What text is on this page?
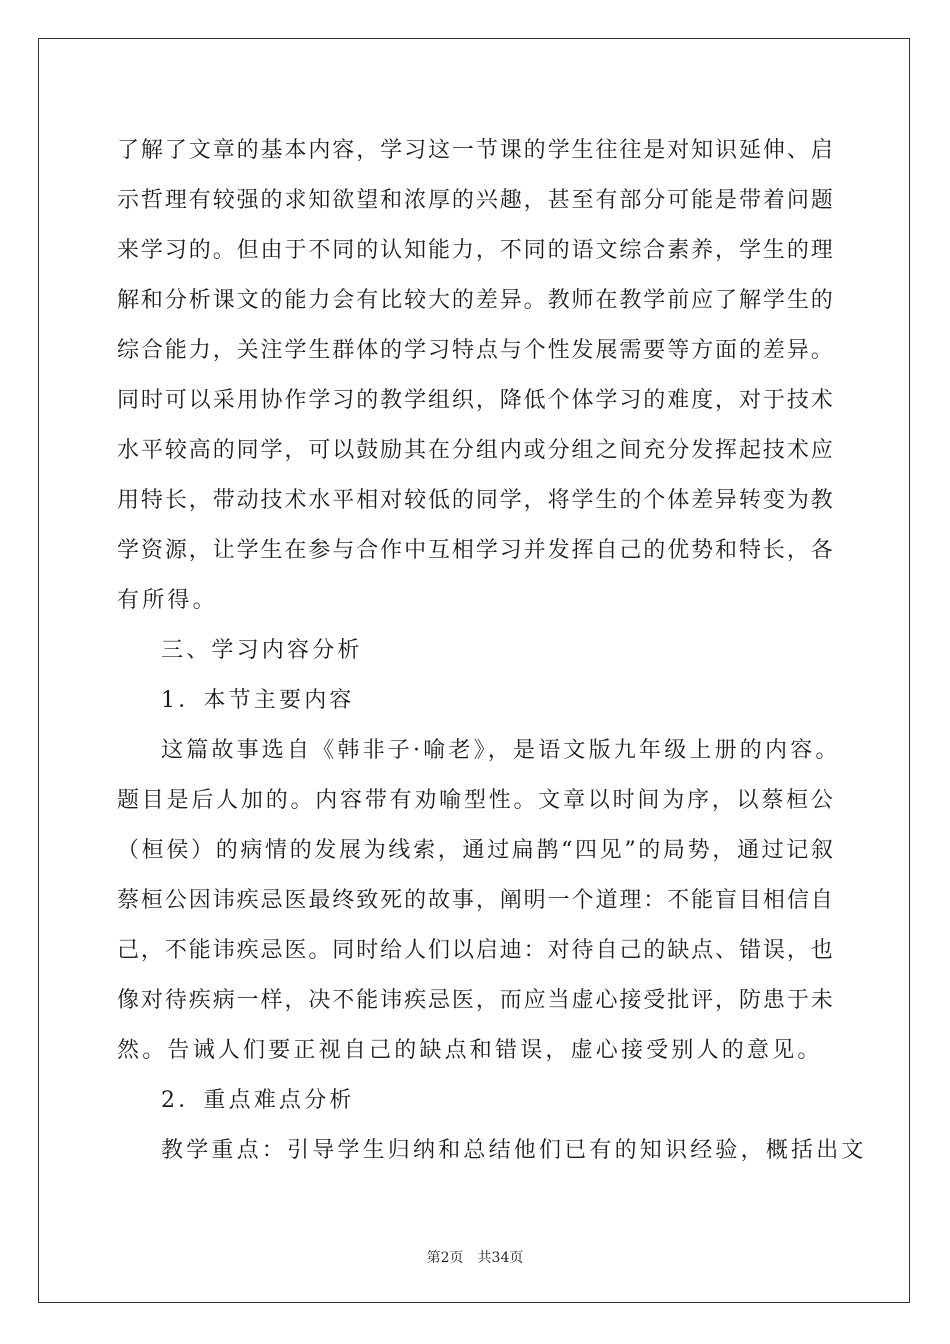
了 解 了 文 章 的 基 本 内 容 ， 学 习 这 一 节 课 的 学 生 往 往 是 对 知 识 延 伸 、 启
示 哲 理 有 较 强 的 求 知 欲 望 和 浓 厚 的 兴 趣 ， 甚 至 有 部 分 可 能 是 带 着 问 题
来 学 习 的 。 但 由 于 不 同 的 认 知 能 力 ， 不 同 的 语 文 综 合 素 养 ， 学 生 的 理
解 和 分 析 课 文 的 能 力 会 有 比 较 大 的 差 异 。 教 师 在 教 学 前 应 了 解 学 生 的
综 合 能 力 ， 关 注 学 生 群 体 的 学 习 特 点 与 个 性 发 展 需 要 等 方 面 的 差 异 。
同 时 可 以 采 用 协 作 学 习 的 教 学 组 织 ， 降 低 个 体 学 习 的 难 度 ， 对 于 技 术
水 平 较 高 的 同 学 ， 可 以 鼓 励 其 在 分 组 内 或 分 组 之 间 充 分 发 挥 起 技 术 应
用 特 长 ， 带 动 技 术 水 平 相 对 较 低 的 同 学 ， 将 学 生 的 个 体 差 异 转 变 为 教
学 资 源 ， 让 学 生 在 参 与 合 作 中 互 相 学 习 并 发 挥 自 己 的 优 势 和 特 长 ， 各
有所得。
三、学习内容分析
1．本节主要内容
这篇故事选自《韩非子·喻老》，是语文版九年级上册的内容。
题 目 是 后 人 加 的 。 内 容 带 有 劝 喻 型 性 。 文 章 以 时 间 为 序 ， 以 蔡 桓 公
（ 桓 侯 ） 的 病 情 的 发 展 为 线 索 ， 通 过 扁 鹊 “ 四 见 ” 的 局 势 ， 通 过 记 叙
蔡 桓 公 因 讳 疾 忌 医 最 终 致 死 的 故 事 ， 阐 明 一 个 道 理 ： 不 能 盲 目 相 信 自
己 ， 不 能 讳 疾 忌 医 。 同 时 给 人 们 以 启 迪 ： 对 待 自 己 的 缺 点 、 错 误 ， 也
像 对 待 疾 病 一 样 ， 决 不 能 讳 疾 忌 医 ， 而 应 当 虚 心 接 受 批 评 ， 防 患 于 未
然。告诫人们要正视自己的缺点和错误，虚心接受别人的意见。
2．重点难点分析
教学重点：引导学生归纳和总结他们已有的知识经验，概括出文
第2页　共34页
